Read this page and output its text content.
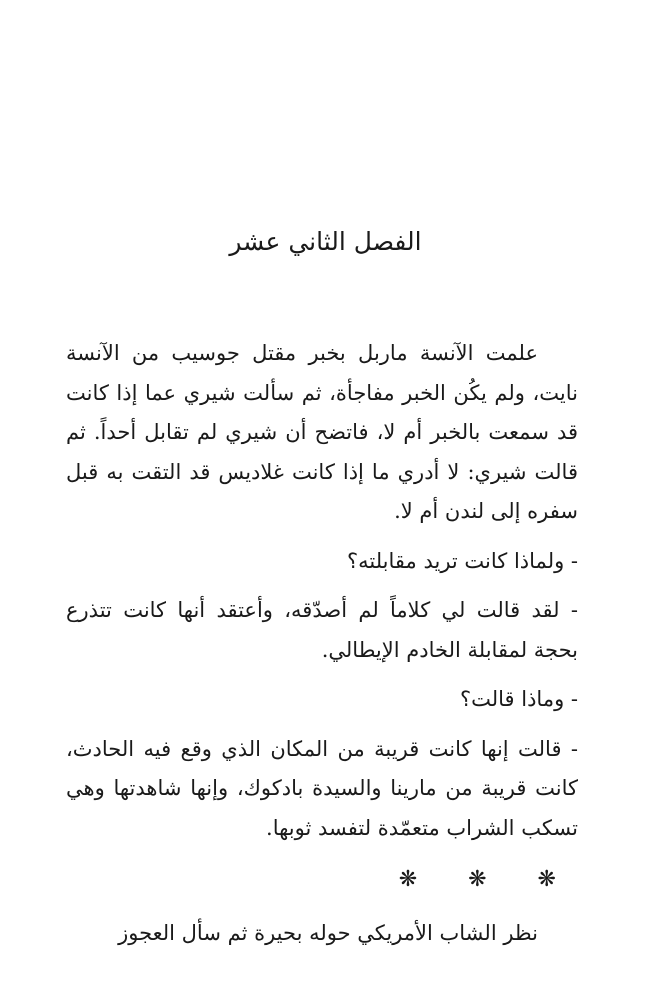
الفصل الثاني عشر

علمت الآنسة ماربل بخبر مقتل جوسيب من الآنسة نايت، ولم يكُن الخبر مفاجأة، ثم سألت شيري عما إذا كانت قد سمعت بالخبر أم لا، فاتضح أن شيري لم تقابل أحداً. ثم قالت شيري: لا أدري ما إذا كانت غلاديس قد التقت به قبل سفره إلى لندن أم لا.

- ولماذا كانت تريد مقابلته؟

- لقد قالت لي كلاماً لم أصدّقه، وأعتقد أنها كانت تتذرع بحجة لمقابلة الخادم الإيطالي.

- وماذا قالت؟

- قالت إنها كانت قريبة من المكان الذي وقع فيه الحادث، كانت قريبة من مارينا والسيدة بادكوك، وإنها شاهدتها وهي تسكب الشراب متعمّدة لتفسد ثوبها.

❋ ❋ ❋

نظر الشاب الأمريكي حوله بحيرة ثم سأل العجوز
